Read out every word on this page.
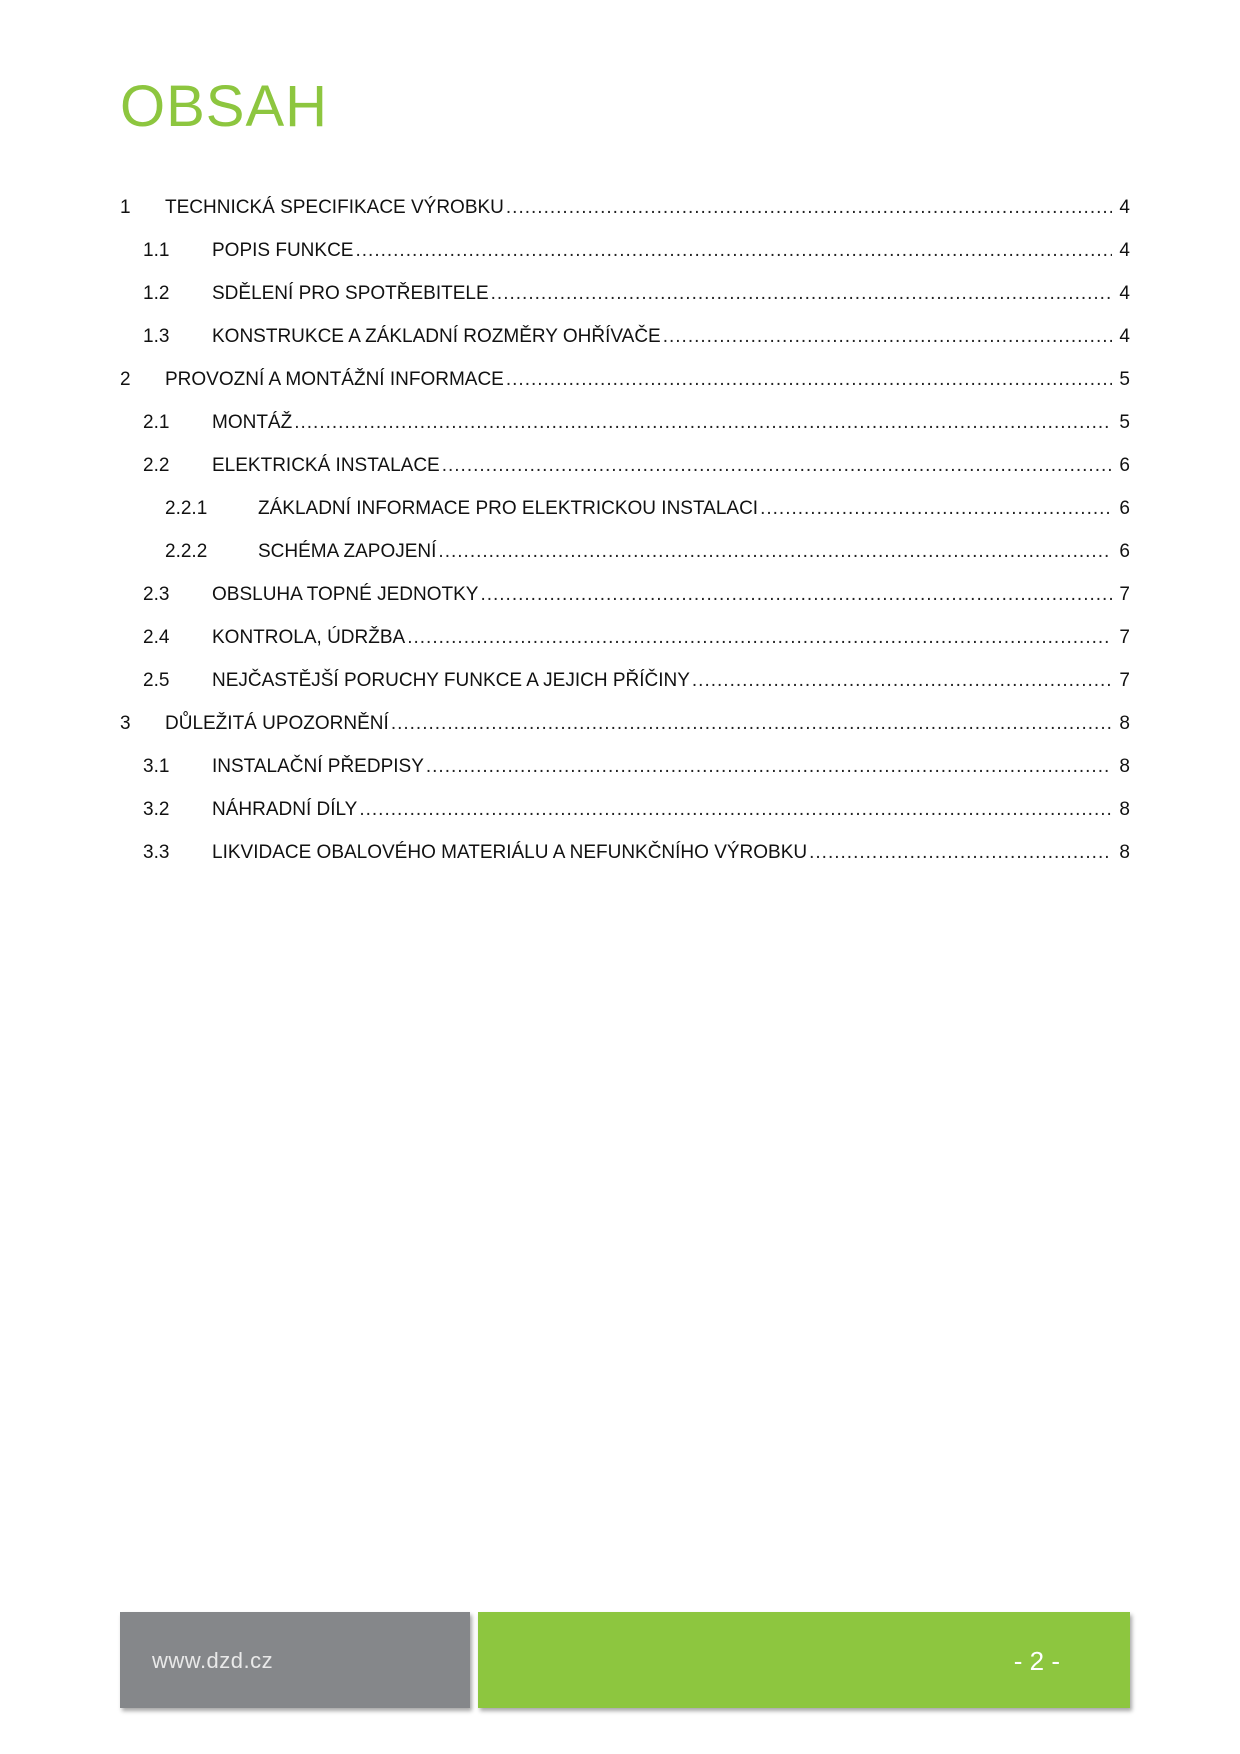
OBSAH
1 TECHNICKÁ SPECIFIKACE VÝROBKU .....	4
1.1 POPIS FUNKCE .....	4
1.2 SDĚLENÍ PRO SPOTŘEBITELE .....	4
1.3 KONSTRUKCE A ZÁKLADNÍ ROZMĚRY OHŘÍVAČE .....	4
2 PROVOZNÍ A MONTÁŽNÍ INFORMACE .....	5
2.1 MONTÁŽ .....	5
2.2 ELEKTRICKÁ INSTALACE .....	6
2.2.1	ZÁKLADNÍ INFORMACE PRO ELEKTRICKOU INSTALACI .....	6
2.2.2	SCHÉMA ZAPOJENÍ .....	6
2.3 OBSLUHA TOPNÉ JEDNOTKY .....	7
2.4 KONTROLA, ÚDRŽBA .....	7
2.5 NEJČASTĚJŠÍ PORUCHY FUNKCE A JEJICH PŘÍČINY .....	7
3 DŮLEŽITÁ UPOZORNĚNÍ .....	8
3.1 INSTALAČNÍ PŘEDPISY .....	8
3.2 NÁHRADNÍ DÍLY .....	8
3.3 LIKVIDACE OBALOVÉHO MATERIÁLU A NEFUNKČNÍHO VÝROBKU .....	8
www.dzd.cz	- 2 -
